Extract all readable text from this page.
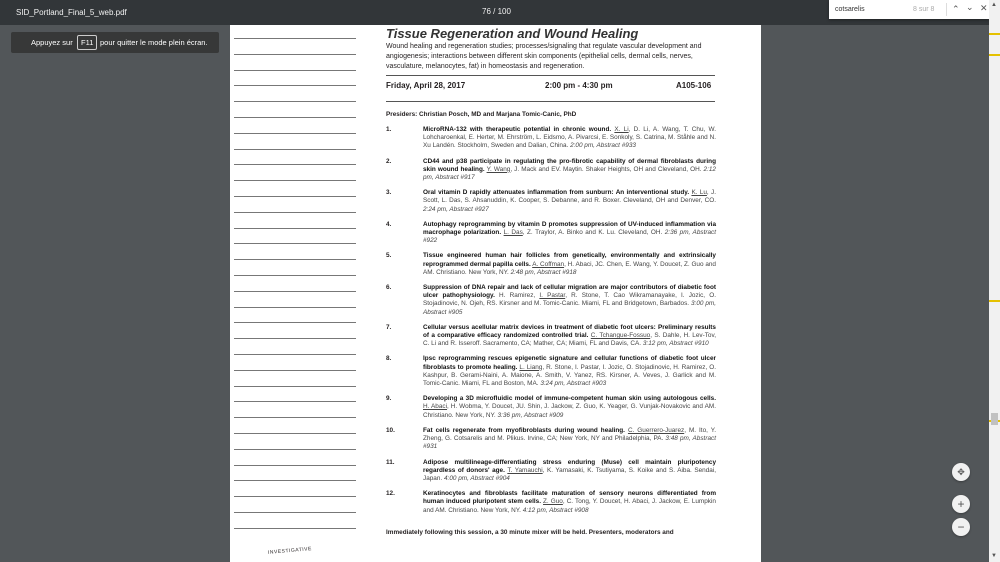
SID_Portland_Final_5_web.pdf	76 / 100
Tissue Regeneration and Wound Healing
Wound healing and regeneration studies; processes/signaling that regulate vascular development and angiogenesis; interactions between different skin components (epithelial cells, dermal cells, nerves, vasculature, melanocytes, fat) in homeostasis and regeneration.
Friday, April 28, 2017	2:00 pm - 4:30 pm	A105-106
Presiders: Christian Posch, MD and Marjana Tomic-Canic, PhD
1.	MicroRNA-132 with therapeutic potential in chronic wound. X. Li, D. Li, A. Wang, T. Chu, W. Lohcharoenkal, E. Herter, M. Ehrström, L. Eidsmo, A. Pivarcsi, E. Sonkoly, S. Catrina, M. Ståhle and N. Xu Landén. Stockholm, Sweden and Dalian, China. 2:00 pm, Abstract #933
2.	CD44 and p38 participate in regulating the pro-fibrotic capability of dermal fibroblasts during skin wound healing. Y. Wang, J. Mack and EV. Maytin. Shaker Heights, OH and Cleveland, OH. 2:12 pm, Abstract #917
3.	Oral vitamin D rapidly attenuates inflammation from sunburn: An interventional study. K. Lu, J. Scott, L. Das, S. Ahsanuddin, K. Cooper, S. Debanne, and R. Boxer. Cleveland, OH and Denver, CO. 2:24 pm, Abstract #927
4.	Autophagy reprogramming by vitamin D promotes suppression of UV-induced inflammation via macrophage polarization. L. Das, Z. Traylor, A. Binko and K. Lu. Cleveland, OH. 2:36 pm, Abstract #922
5.	Tissue engineered human hair follicles from genetically, environmentally and extrinsically reprogrammed dermal papilla cells. A. Coffman, H. Abaci, JC. Chen, E. Wang, Y. Doucet, Z. Guo and AM. Christiano. New York, NY. 2:48 pm, Abstract #918
6.	Suppression of DNA repair and lack of cellular migration are major contributors of diabetic foot ulcer pathophysiology. H. Ramirez, I. Pastar, R. Stone, T. Cao Wikramanayake, I. Jozic, O. Stojadinovic, N. Ojeh, RS. Kirsner and M. Tomic-Canic. Miami, FL and Bridgetown, Barbados. 3:00 pm, Abstract #905
7.	Cellular versus acellular matrix devices in treatment of diabetic foot ulcers: Preliminary results of a comparative efficacy randomized controlled trial. C. Tchangue-Fossuo, S. Dahle, H. Lev-Tov, C. Li and R. Isseroff. Sacramento, CA; Mather, CA; Miami, FL and Davis, CA. 3:12 pm, Abstract #910
8.	Ipsc reprogramming rescues epigenetic signature and cellular functions of diabetic foot ulcer fibroblasts to promote healing. L. Liang, R. Stone, I. Pastar, I. Jozic, O. Stojadinovic, H. Ramirez, O. Kashpur, B. Gerami-Naini, A. Maione, A. Smith, V. Yanez, RS. Kirsner, A. Veves, J. Garlick and M. Tomic-Canic. Miami, FL and Boston, MA. 3:24 pm, Abstract #903
9.	Developing a 3D microfluidic model of immune-competent human skin using autologous cells. H. Abaci, H. Wobma, Y. Doucet, JU. Shin, J. Jackow, Z. Guo, K. Yeager, G. Vunjak-Novakovic and AM. Christiano. New York, NY. 3:36 pm, Abstract #909
10.	Fat cells regenerate from myofibroblasts during wound healing. C. Guerrero-Juarez, M. Ito, Y. Zheng, G. Cotsarelis and M. Plikus. Irvine, CA; New York, NY and Philadelphia, PA. 3:48 pm, Abstract #931
11.	Adipose multilineage-differentiating stress enduring (Muse) cell maintain pluripotency regardless of donors' age. T. Yamauchi, K. Yamasaki, K. Tsutiyama, S. Koike and S. Aiba. Sendai, Japan. 4:00 pm, Abstract #904
12.	Keratinocytes and fibroblasts facilitate maturation of sensory neurons differentiated from human induced pluripotent stem cells. Z. Guo, C. Tong, Y. Doucet, H. Abaci, J. Jackow, E. Lumpkin and AM. Christiano. New York, NY. 4:12 pm, Abstract #908
Immediately following this session, a 30 minute mixer will be held. Presenters, moderators and
INVESTIGATIVE
Appuyez sur	F11 pour quitter le mode plein écran.
cotsarelis	8 sur 8 ⌃ ⌄ ✕
✥
+
−
▲
▼
